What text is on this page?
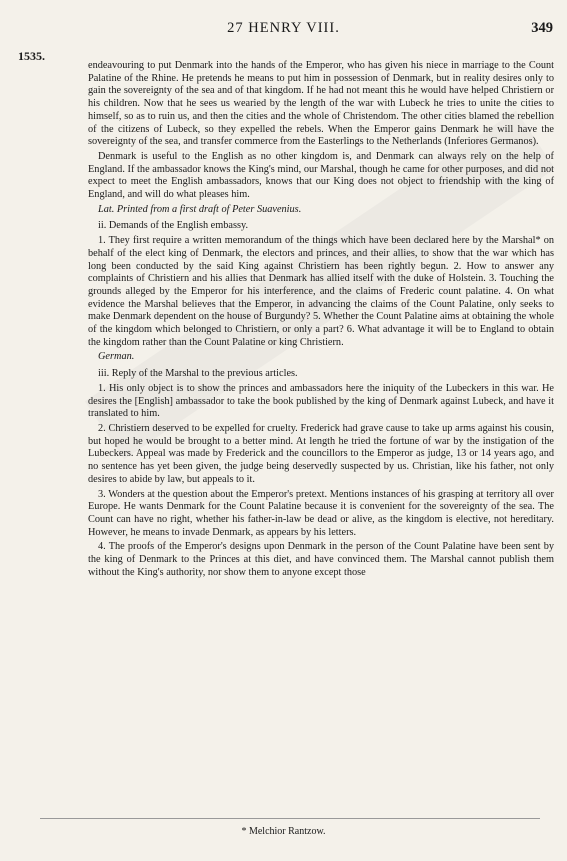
27 HENRY VIII.	349
1535.

endeavouring to put Denmark into the hands of the Emperor, who has given his niece in marriage to the Count Palatine of the Rhine. He pretends he means to put him in possession of Denmark, but in reality desires only to gain the sovereignty of the sea and of that kingdom. If he had not meant this he would have helped Christiern or his children. Now that he sees us wearied by the length of the war with Lubeck he tries to unite the cities to himself, so as to ruin us, and then the cities and the whole of Christendom. The other cities blamed the rebellion of the citizens of Lubeck, so they expelled the rebels. When the Emperor gains Denmark he will have the sovereignty of the sea, and transfer commerce from the Easterlings to the Netherlands (Inferiores Germanos).

Denmark is useful to the English as no other kingdom is, and Denmark can always rely on the help of England. If the ambassador knows the King's mind, our Marshal, though he came for other purposes, and did not expect to meet the English ambassadors, knows that our King does not object to friendship with the king of England, and will do what pleases him.

Lat. Printed from a first draft of Peter Suavenius.

ii. Demands of the English embassy.

1. They first require a written memorandum of the things which have been declared here by the Marshal* on behalf of the elect king of Denmark, the electors and princes, and their allies, to show that the war which has long been conducted by the said King against Christiern has been rightly begun. 2. How to answer any complaints of Christiern and his allies that Denmark has allied itself with the duke of Holstein. 3. Touching the grounds alleged by the Emperor for his interference, and the claims of Frederic count palatine. 4. On what evidence the Marshal believes that the Emperor, in advancing the claims of the Count Palatine, only seeks to make Denmark dependent on the house of Burgundy? 5. Whether the Count Palatine aims at obtaining the whole of the kingdom which belonged to Christiern, or only a part? 6. What advantage it will be to England to obtain the kingdom rather than the Count Palatine or king Christiern.

German.

iii. Reply of the Marshal to the previous articles.

1. His only object is to show the princes and ambassadors here the iniquity of the Lubeckers in this war. He desires the [English] ambassador to take the book published by the king of Denmark against Lubeck, and have it translated to him.

2. Christiern deserved to be expelled for cruelty. Frederick had grave cause to take up arms against his cousin, but hoped he would be brought to a better mind. At length he tried the fortune of war by the instigation of the Lubeckers. Appeal was made by Frederick and the councillors to the Emperor as judge, 13 or 14 years ago, and no sentence has yet been given, the judge being deservedly suspected by us. Christian, like his father, not only desires to abide by law, but appeals to it.

3. Wonders at the question about the Emperor's pretext. Mentions instances of his grasping at territory all over Europe. He wants Denmark for the Count Palatine because it is convenient for the sovereignty of the sea. The Count can have no right, whether his father-in-law be dead or alive, as the kingdom is elective, not hereditary. However, he means to invade Denmark, as appears by his letters.

4. The proofs of the Emperor's designs upon Denmark in the person of the Count Palatine have been sent by the king of Denmark to the Princes at this diet, and have convinced them. The Marshal cannot publish them without the King's authority, nor show them to anyone except those

* Melchior Rantzow.
